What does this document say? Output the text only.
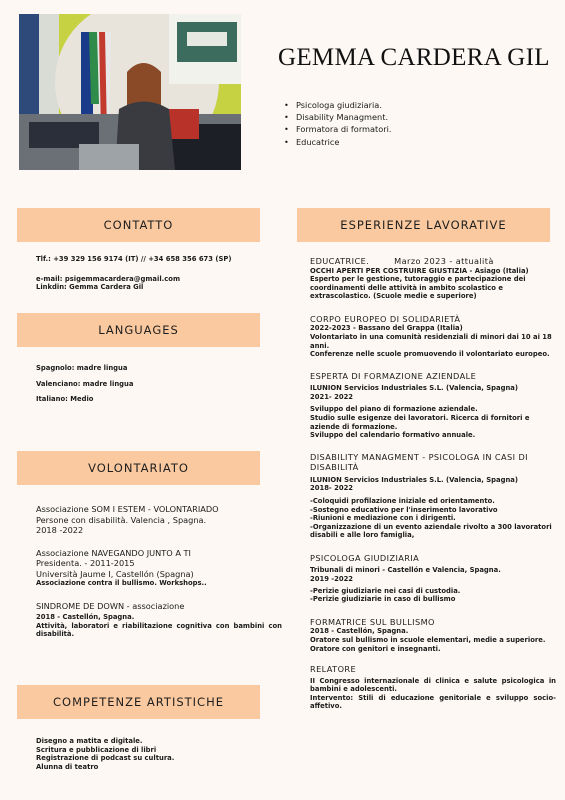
GEMMA CARDERA GIL
• Psicologa giudiziaria.
• Disability Managment.
• Formatora di formatori.
• Educatrice
CONTATTO

Tlf.: +39 329 156 9174 (IT) // +34 658 356 673 (SP)

e-mail: psigemmacardera@gmail.com

Linkdin: Gemma Cardera Gil

LANGUAGES

Spagnolo: madre lingua

Valenciano: madre lingua

Italiano: Medio

VOLONTARIATO
Associazione SOM I ESTEM - VOLONTARIADO
Persone con disabilità. Valencia , Spagna.
2018 -2022
Associazione NAVEGANDO JUNTO A TI
Presidenta. - 2011-2015
Università Jaume I, Castellón (Spagna)
Associazione contra il bullismo. Workshops..
SINDROME DE DOWN - associazione
2018 - Castellón, Spagna.
Attività, laboratori e riabilitazione cognitiva con bambini con disabilità.
COMPETENZE ARTISTICHE

Disegno a matita e digitale.

Scritura e pubblicazione di libri

Registrazione di podcast su cultura.

Alunna di teatro

ESPERIENZE LAVORATIVE
EDUCATRICE.	Marzo 2023 - attualità
OCCHI APERTI PER COSTRUIRE GIUSTIZIA - Asiago (Italia)
Esperto per le gestione, tutoraggio e partecipazione dei coordinamenti delle attività in ambito scolastico e extrascolastico. (Scuole medie e superiore)
CORPO EUROPEO DI SOLIDARIETÀ
2022-2023 - Bassano del Grappa (Italia)
Volontariato in una comunità residenziali di minori dai 10 ai 18 anni.
Conferenze nelle scuole promuovendo il volontariato europeo.
ESPERTA DI FORMAZIONE AZIENDALE
ILUNION Servicios Industriales S.L. (Valencia, Spagna)
2021- 2022
Sviluppo del piano di formazione aziendale.
Studio sulle esigenze dei lavoratori. Ricerca di fornitori e aziende di formazione.
Sviluppo del calendario formativo annuale.
DISABILITY MANAGMENT - PSICOLOGA IN CASI DI DISABILITÀ
ILUNION Servicios Industriales S.L. (Valencia, Spagna)
2018- 2022
-Coloquidi profilazione iniziale ed orientamento.
-Sostegno educativo per l'inserimento lavorativo
-Riunioni e mediazione con i dirigenti.
-Organizzazione di un evento aziendale rivolto a 300 lavoratori disabili e alle loro famiglia,
PSICOLOGA GIUDIZIARIA
Tribunali di minori - Castellón e Valencia, Spagna.
2019 -2022
-Perizie giudiziarie nei casi di custodia.
-Perizie giudiziarie in caso di bullismo
FORMATRICE SUL BULLISMO
2018 - Castellón, Spagna.
Oratore sul bullismo in scuole elementari, medie a superiore. Oratore con genitori e insegnanti.
RELATORE
II Congresso internazionale di clinica e salute psicologica in bambini e adolescenti.
Intervento: Stili di educazione genitoriale e sviluppo socio-affetivo.
